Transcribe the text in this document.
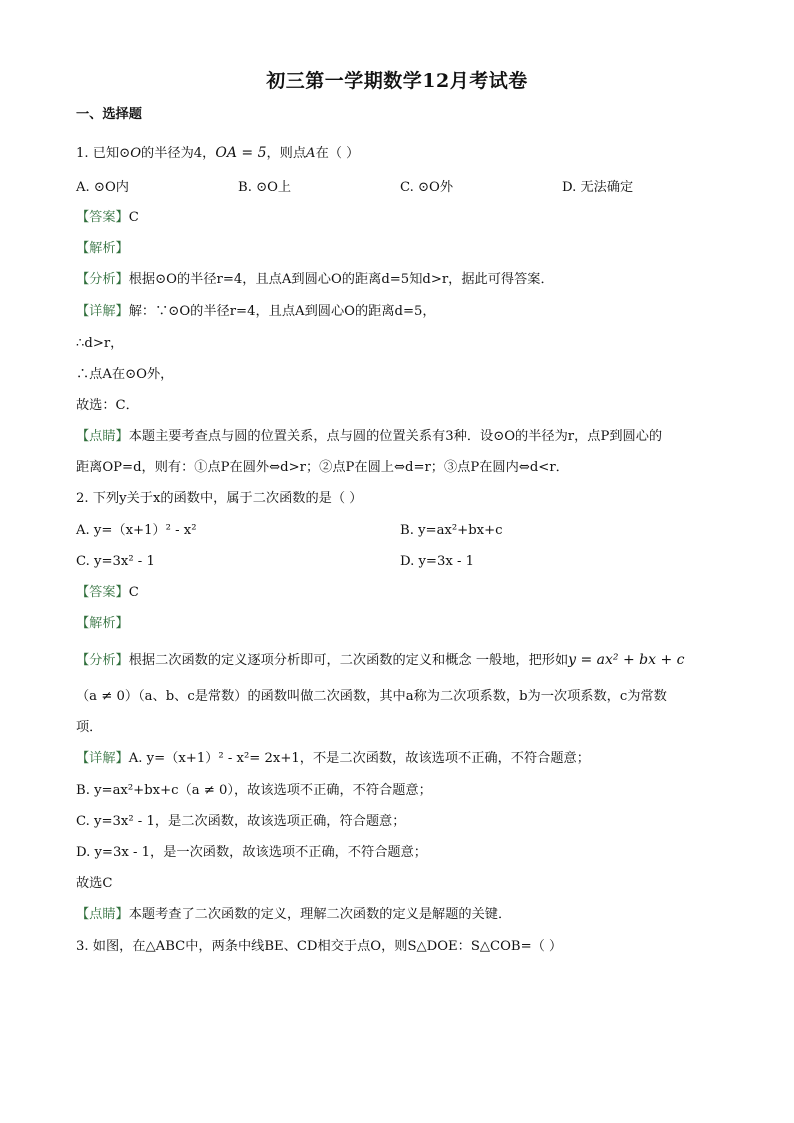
初三第一学期数学12月考试卷
一、选择题
1. 已知⊙O的半径为4，OA = 5，则点A在（ ）
A. ⊙O内	B. ⊙O上	C. ⊙O外	D. 无法确定
【答案】C
【解析】
【分析】根据⊙O的半径r=4，且点A到圆心O的距离d=5知d>r，据此可得答案．
【详解】解：∵⊙O的半径r=4，且点A到圆心O的距离d=5，
∴d>r，
∴点A在⊙O外，
故选：C．
【点睛】本题主要考查点与圆的位置关系，点与圆的位置关系有3种．设⊙O的半径为r，点P到圆心的
距离OP=d，则有：①点P在圆外⇔d>r；②点P在圆上⇔d=r；③点P在圆内⇔d<r．
2. 下列y关于x的函数中，属于二次函数的是（ ）
A. y=（x+1）² - x²	B. y=ax²+bx+c
C. y=3x² - 1	D. y=3x - 1
【答案】C
【解析】
【分析】根据二次函数的定义逐项分析即可，二次函数的定义和概念 一般地，把形如y = ax² + bx + c
（a ≠ 0）（a、b、c是常数）的函数叫做二次函数，其中a称为二次项系数，b为一次项系数，c为常数
项．
【详解】A. y=（x+1）² - x²= 2x+1，不是二次函数，故该选项不正确，不符合题意；
B. y=ax²+bx+c（a ≠ 0），故该选项不正确，不符合题意；
C. y=3x² - 1，是二次函数，故该选项正确，符合题意；
D. y=3x - 1，是一次函数，故该选项不正确，不符合题意；
故选C
【点睛】本题考查了二次函数的定义，理解二次函数的定义是解题的关键．
3. 如图，在△ABC中，两条中线BE、CD相交于点O，则S△DOE：S△COB=（ ）
